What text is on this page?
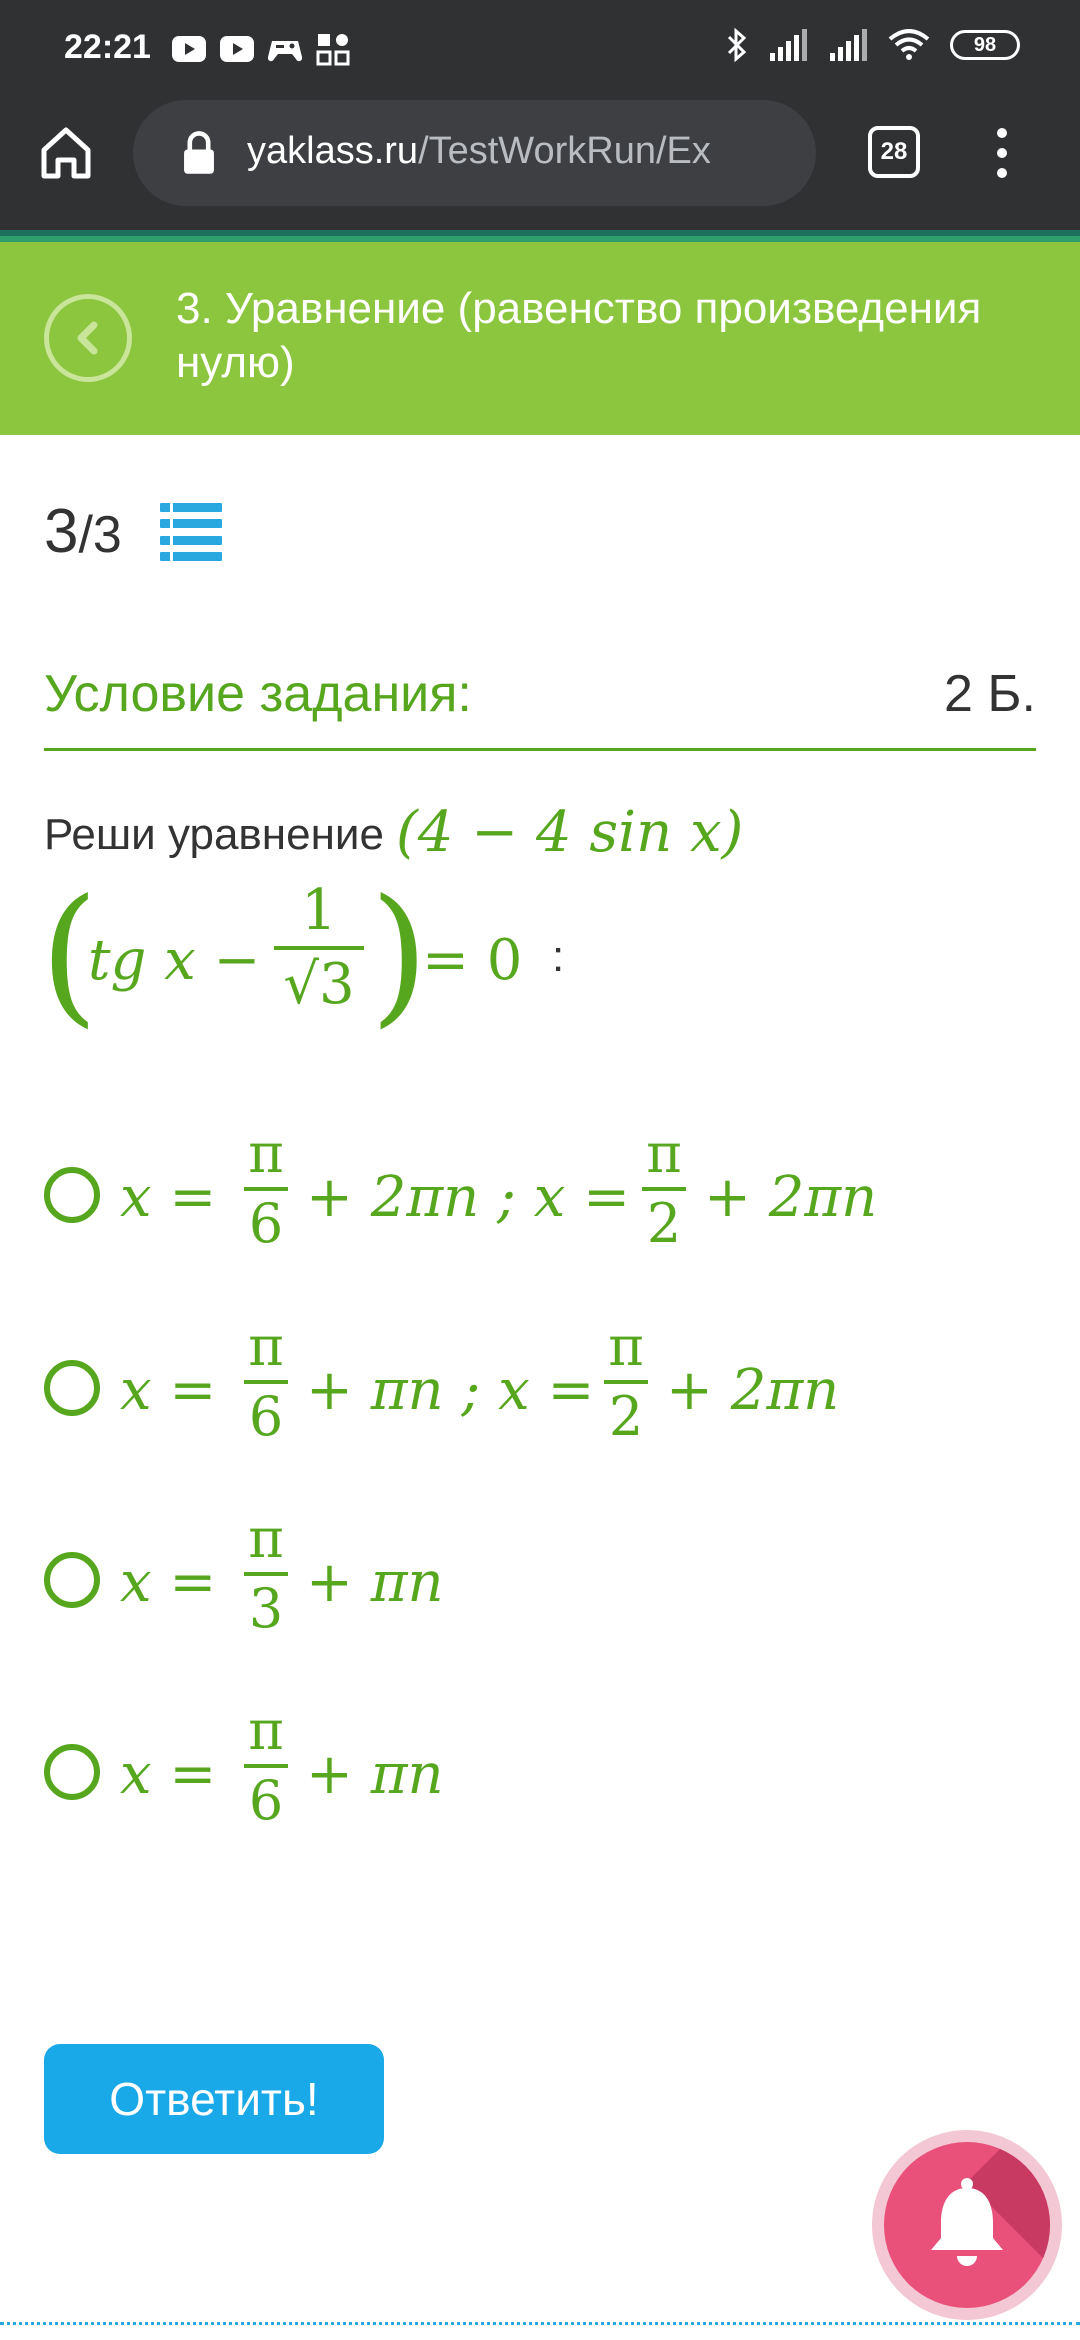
22:21	98
yaklass.ru/TestWorkRun/Ex	28
3. Уравнение (равенство произведения нулю)
3/3
Условие задания:	2 Б.
Реши уравнение (4 − 4 sin x)
(
tg x −
1
√3 )
= 0 :
x =
π
6 + 2πn ; x =
π
2 + 2πn
x =
π
6 + πn ; x =
π
2 + 2πn
x =
π
3 + πn
x =
π
6 + πn
Ответить!
